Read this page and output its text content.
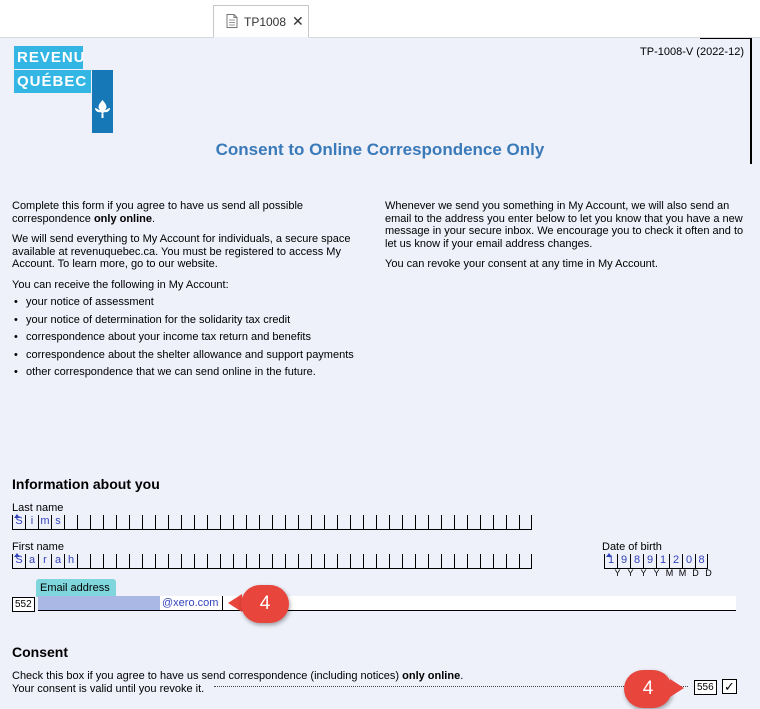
TP1008 ✕
TP-1008-V (2022-12)
REVENU
QUÉBEC
Consent to Online Correspondence Only

Complete this form if you agree to have us send all possible correspondence only online.

We will send everything to My Account for individuals, a secure space available at revenuquebec.ca. You must be registered to access My Account. To learn more, go to our website.

You can receive the following in My Account:

• your notice of assessment
• your notice of determination for the solidarity tax credit
• correspondence about your income tax return and benefits
• correspondence about the shelter allowance and support payments
• other correspondence that we can send online in the future.

Whenever we send you something in My Account, we will also send an email to the address you enter below to let you know that you have a new message in your secure inbox. We encourage you to check it often and to let us know if your email address changes.

You can revoke your consent at any time in My Account.

Information about you
Last name
S i m s
First name
S a r a h
Date of birth
1 9 8 9 1 2 0 8
Y Y Y Y M M D D
Email address
552	@xero.com	4
Consent
Check this box if you agree to have us send correspondence (including notices) only online.
Your consent is valid until you revoke it.	4	556 ✓
